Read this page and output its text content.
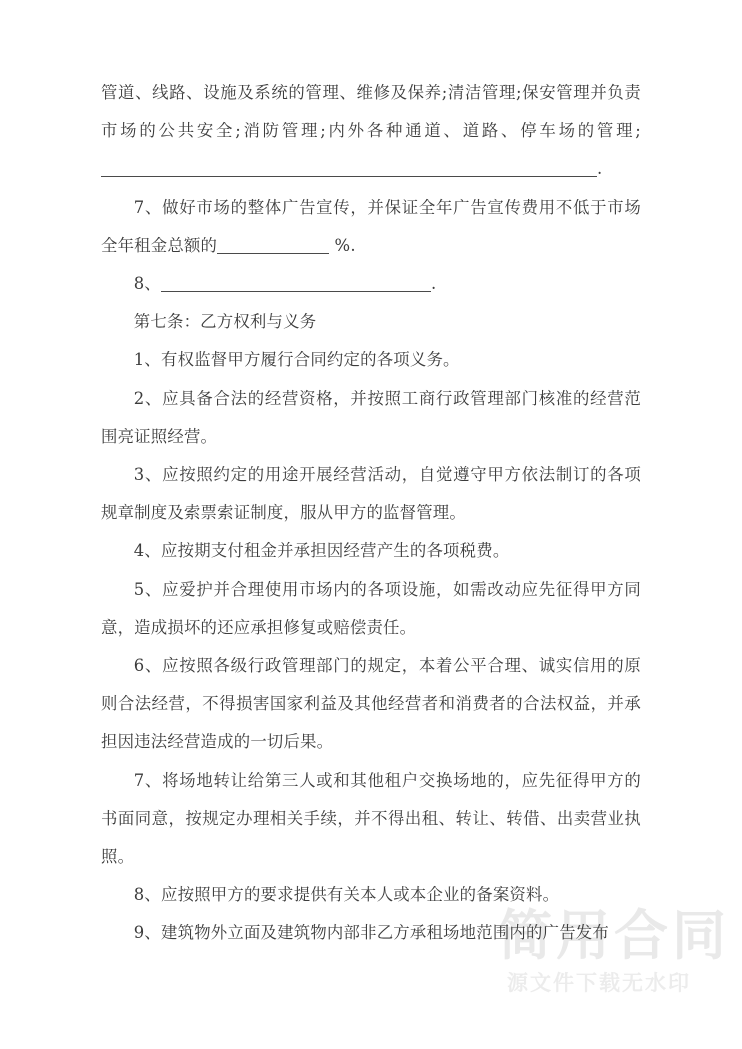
简用合同
源文件下载无水印

管道、线路、设施及系统的管理、维修及保养;清洁管理;保安管理并负责市场的公共安全;消防管理;内外各种通道、道路、停车场的管理;.

7、做好市场的整体广告宣传，并保证全年广告宣传费用不低于市场全年租金总额的	%.

8、	.

第七条：乙方权利与义务

1、有权监督甲方履行合同约定的各项义务。

2、应具备合法的经营资格，并按照工商行政管理部门核准的经营范围亮证照经营。

3、应按照约定的用途开展经营活动，自觉遵守甲方依法制订的各项规章制度及索票索证制度，服从甲方的监督管理。

4、应按期支付租金并承担因经营产生的各项税费。

5、应爱护并合理使用市场内的各项设施，如需改动应先征得甲方同意，造成损坏的还应承担修复或赔偿责任。

6、应按照各级行政管理部门的规定，本着公平合理、诚实信用的原则合法经营，不得损害国家利益及其他经营者和消费者的合法权益，并承担因违法经营造成的一切后果。

7、将场地转让给第三人或和其他租户交换场地的，应先征得甲方的书面同意，按规定办理相关手续，并不得出租、转让、转借、出卖营业执照。

8、应按照甲方的要求提供有关本人或本企业的备案资料。

9、建筑物外立面及建筑物内部非乙方承租场地范围内的广告发布
